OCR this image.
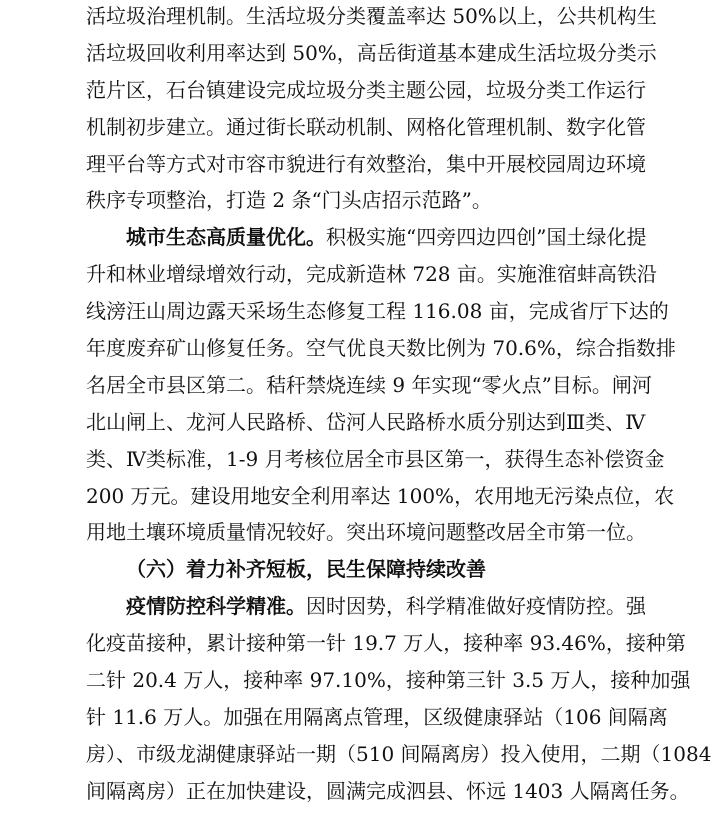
活垃圾治理机制。生活垃圾分类覆盖率达 50%以上，公共机构生
活垃圾回收利用率达到 50%，高岳街道基本建成生活垃圾分类示
范片区，石台镇建设完成垃圾分类主题公园，垃圾分类工作运行
机制初步建立。通过街长联动机制、网格化管理机制、数字化管
理平台等方式对市容市貌进行有效整治，集中开展校园周边环境
秩序专项整治，打造 2 条“门头店招示范路”。
城市生态高质量优化。积极实施“四旁四边四创”国土绿化提
升和林业增绿增效行动，完成新造林 728 亩。实施淮宿蚌高铁沿
线滂汪山周边露天采场生态修复工程 116.08 亩，完成省厅下达的
年度废弃矿山修复任务。空气优良天数比例为 70.6%，综合指数排
名居全市县区第二。秸秆禁烧连续 9 年实现“零火点”目标。闸河
北山闸上、龙河人民路桥、岱河人民路桥水质分别达到Ⅲ类、Ⅳ
类、Ⅳ类标准，1-9 月考核位居全市县区第一，获得生态补偿资金
200 万元。建设用地安全利用率达 100%，农用地无污染点位，农
用地土壤环境质量情况较好。突出环境问题整改居全市第一位。
（六）着力补齐短板，民生保障持续改善
疫情防控科学精准。因时因势，科学精准做好疫情防控。强
化疫苗接种，累计接种第一针 19.7 万人，接种率 93.46%，接种第
二针 20.4 万人，接种率 97.10%，接种第三针 3.5 万人，接种加强
针 11.6 万人。加强在用隔离点管理，区级健康驿站（106 间隔离
房）、市级龙湖健康驿站一期（510 间隔离房）投入使用，二期（1084
间隔离房）正在加快建设，圆满完成泗县、怀远 1403 人隔离任务。
